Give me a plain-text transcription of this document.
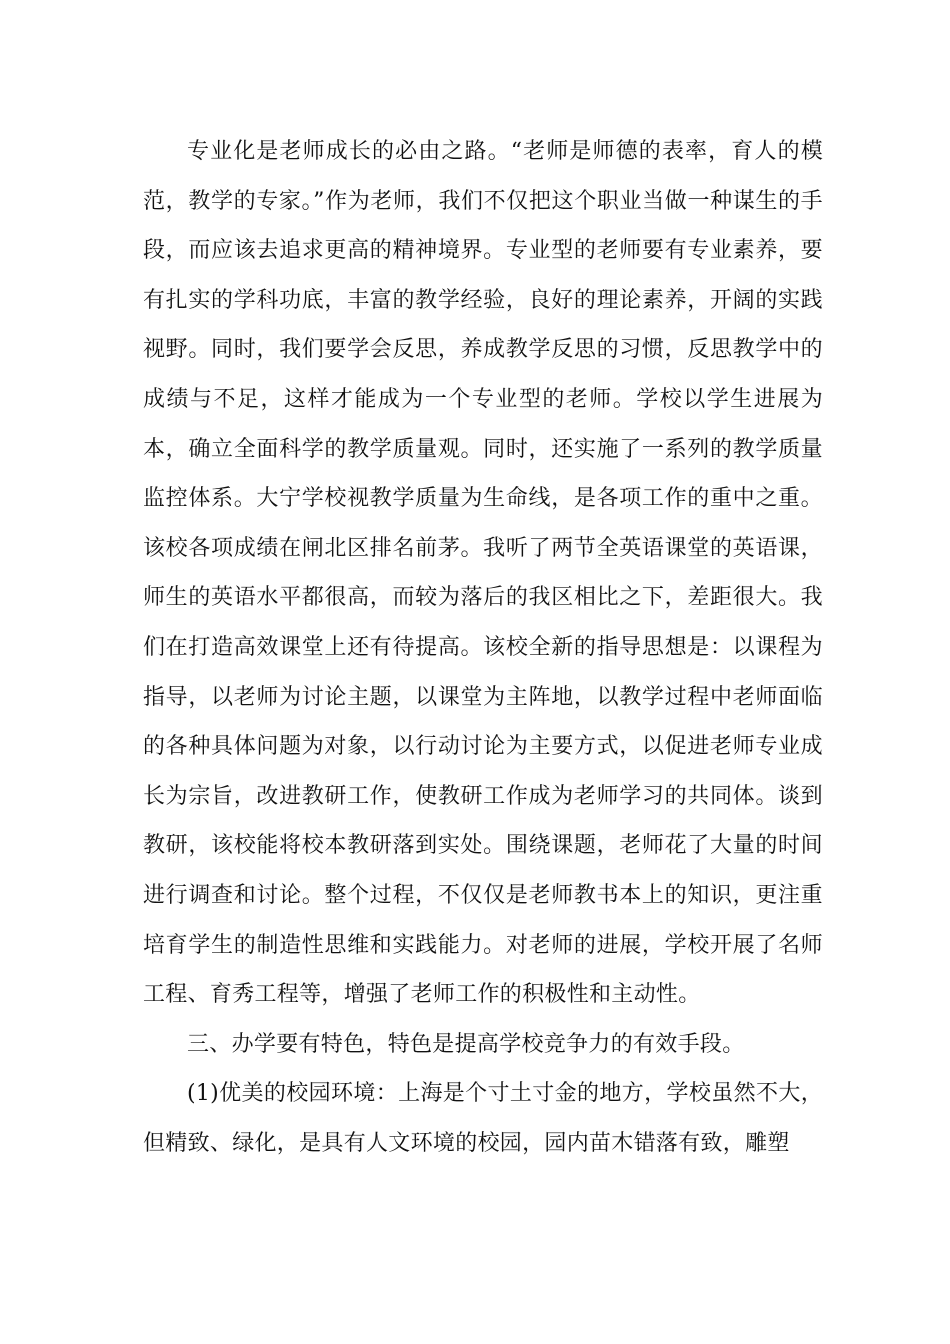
专业化是老师成长的必由之路。“老师是师德的表率，育人的模范，教学的专家。”作为老师，我们不仅把这个职业当做一种谋生的手段，而应该去追求更高的精神境界。专业型的老师要有专业素养，要有扎实的学科功底，丰富的教学经验，良好的理论素养，开阔的实践视野。同时，我们要学会反思，养成教学反思的习惯，反思教学中的成绩与不足，这样才能成为一个专业型的老师。学校以学生进展为本，确立全面科学的教学质量观。同时，还实施了一系列的教学质量监控体系。大宁学校视教学质量为生命线，是各项工作的重中之重。该校各项成绩在闸北区排名前茅。我听了两节全英语课堂的英语课，师生的英语水平都很高，而较为落后的我区相比之下，差距很大。我们在打造高效课堂上还有待提高。该校全新的指导思想是：以课程为指导，以老师为讨论主题，以课堂为主阵地，以教学过程中老师面临的各种具体问题为对象，以行动讨论为主要方式，以促进老师专业成长为宗旨，改进教研工作，使教研工作成为老师学习的共同体。谈到教研，该校能将校本教研落到实处。围绕课题，老师花了大量的时间进行调查和讨论。整个过程，不仅仅是老师教书本上的知识，更注重培育学生的制造性思维和实践能力。对老师的进展，学校开展了名师工程、育秀工程等，增强了老师工作的积极性和主动性。

三、办学要有特色，特色是提高学校竞争力的有效手段。

(1)优美的校园环境：上海是个寸土寸金的地方，学校虽然不大，但精致、绿化，是具有人文环境的校园，园内苗木错落有致，雕塑
